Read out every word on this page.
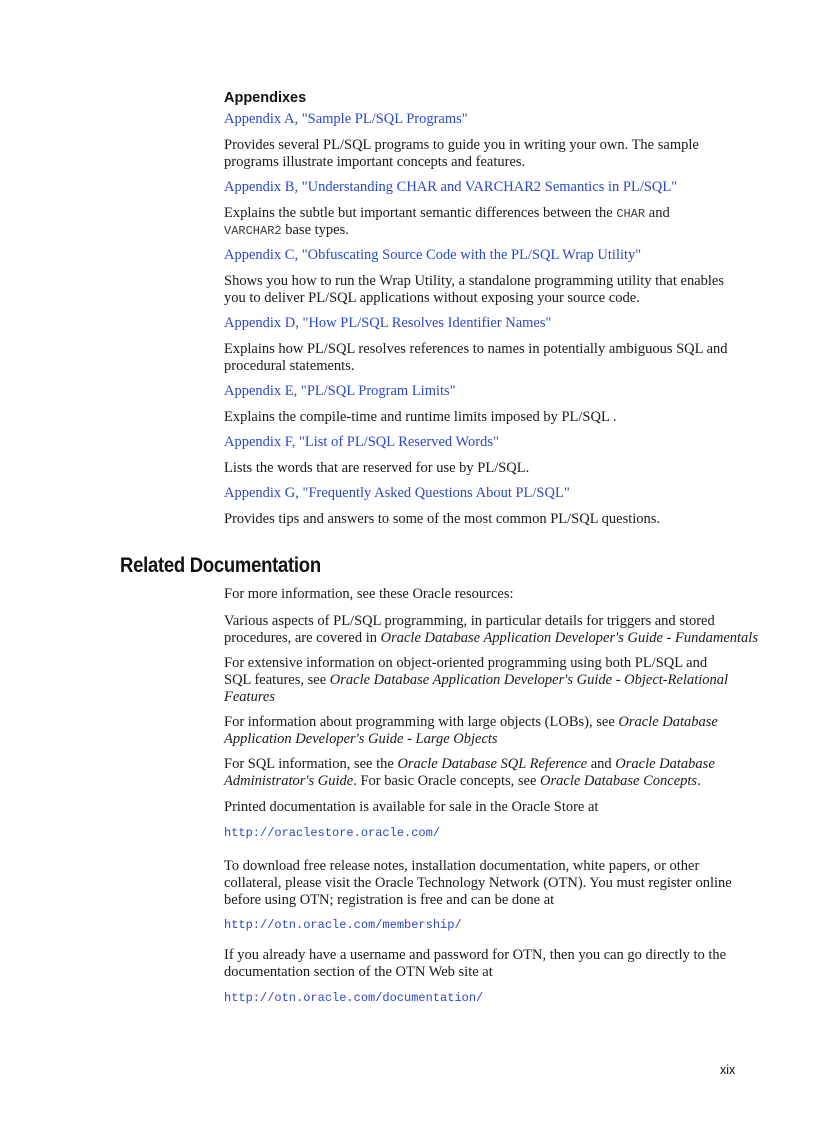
Appendixes
Appendix A, "Sample PL/SQL Programs"
Provides several PL/SQL programs to guide you in writing your own. The sample
programs illustrate important concepts and features.
Appendix B, "Understanding CHAR and VARCHAR2 Semantics in PL/SQL"
Explains the subtle but important semantic differences between the CHAR and
VARCHAR2 base types.
Appendix C, "Obfuscating Source Code with the PL/SQL Wrap Utility"
Shows you how to run the Wrap Utility, a standalone programming utility that enables
you to deliver PL/SQL applications without exposing your source code.
Appendix D, "How PL/SQL Resolves Identifier Names"
Explains how PL/SQL resolves references to names in potentially ambiguous SQL and
procedural statements.
Appendix E, "PL/SQL Program Limits"
Explains the compile-time and runtime limits imposed by PL/SQL .
Appendix F, "List of PL/SQL Reserved Words"
Lists the words that are reserved for use by PL/SQL.
Appendix G, "Frequently Asked Questions About PL/SQL"
Provides tips and answers to some of the most common PL/SQL questions.
Related Documentation
For more information, see these Oracle resources:
Various aspects of PL/SQL programming, in particular details for triggers and stored
procedures, are covered in Oracle Database Application Developer's Guide - Fundamentals
For extensive information on object-oriented programming using both PL/SQL and
SQL features, see Oracle Database Application Developer's Guide - Object-Relational
Features
For information about programming with large objects (LOBs), see Oracle Database
Application Developer's Guide - Large Objects
For SQL information, see the Oracle Database SQL Reference and Oracle Database
Administrator's Guide. For basic Oracle concepts, see Oracle Database Concepts.
Printed documentation is available for sale in the Oracle Store at
http://oraclestore.oracle.com/
To download free release notes, installation documentation, white papers, or other
collateral, please visit the Oracle Technology Network (OTN). You must register online
before using OTN; registration is free and can be done at
http://otn.oracle.com/membership/
If you already have a username and password for OTN, then you can go directly to the
documentation section of the OTN Web site at
http://otn.oracle.com/documentation/
xix
